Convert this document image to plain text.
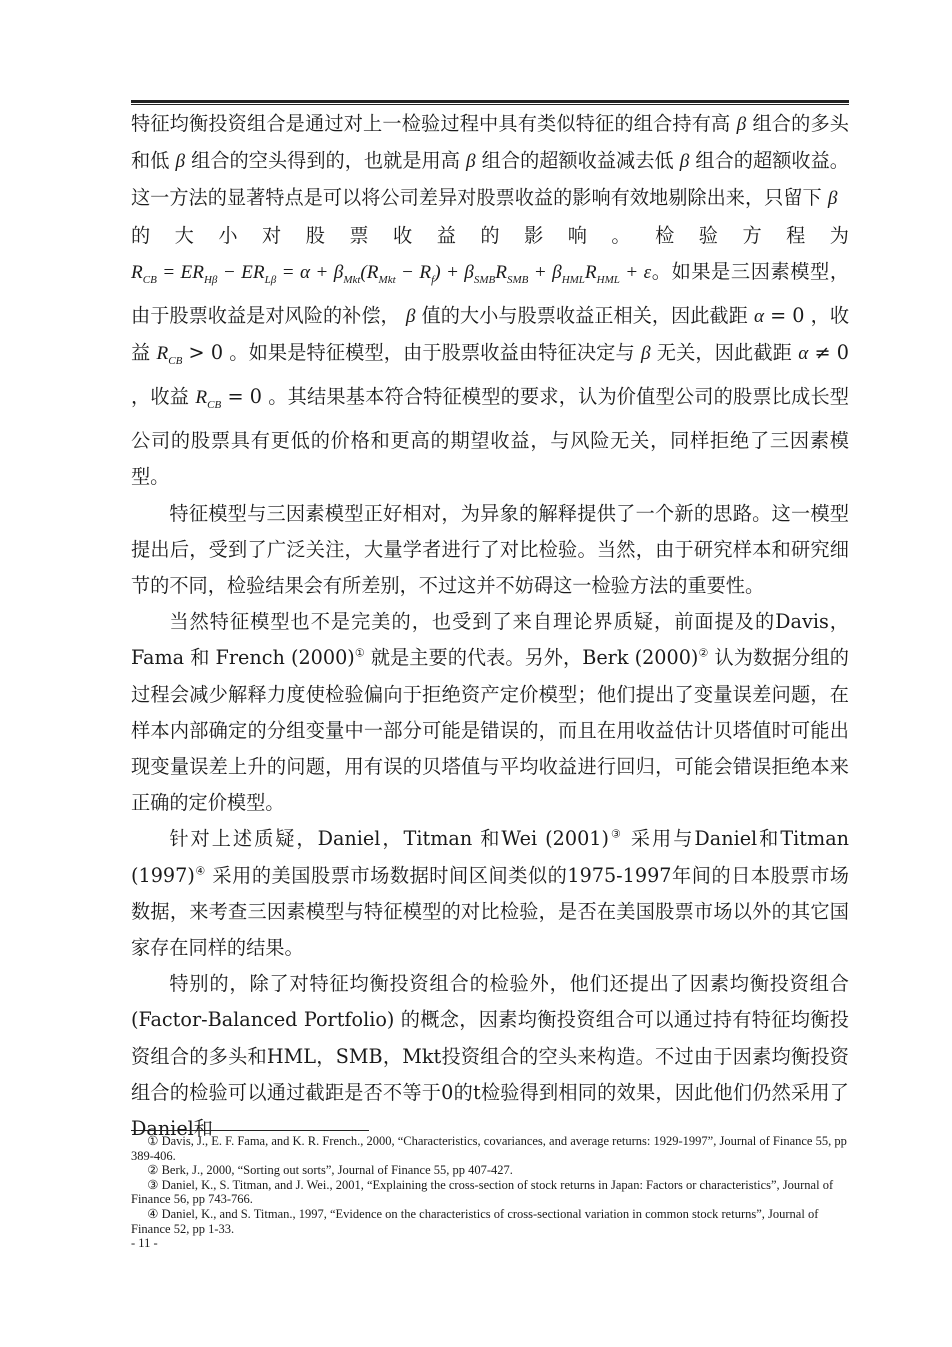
特征均衡投资组合是通过对上一检验过程中具有类似特征的组合持有高 β 组合的多头和低 β 组合的空头得到的，也就是用高 β 组合的超额收益减去低 β 组合的超额收益。这一方法的显著特点是可以将公司差异对股票收益的影响有效地剔除出来，只留下 β

的 大 小 对 股 票 收 益 的 影 响 。 检 验 方 程 为

$R_{CB} = ER_{H\beta} - ER_{L\beta} = \alpha + \beta_{Mkt}(R_{Mkt} - R_f) + \beta_{SMB}R_{SMB} + \beta_{HML}R_{HML} + \varepsilon$。如果是三因素模型，由于股票收益是对风险的补偿， β 值的大小与股票收益正相关，因此截距 α = 0 ，收益 $R_{CB} > 0$ 。如果是特征模型，由于股票收益由特征决定与 β 无关，因此截距 α ≠ 0 ，收益 $R_{CB} = 0$ 。其结果基本符合特征模型的要求，认为价值型公司的股票比成长型公司的股票具有更低的价格和更高的期望收益，与风险无关，同样拒绝了三因素模型。

特征模型与三因素模型正好相对，为异象的解释提供了一个新的思路。这一模型提出后，受到了广泛关注，大量学者进行了对比检验。当然，由于研究样本和研究细节的不同，检验结果会有所差别，不过这并不妨碍这一检验方法的重要性。

当然特征模型也不是完美的，也受到了来自理论界质疑，前面提及的Davis，Fama 和 French (2000)① 就是主要的代表。另外，Berk (2000)② 认为数据分组的过程会减少解释力度使检验偏向于拒绝资产定价模型；他们提出了变量误差问题，在样本内部确定的分组变量中一部分可能是错误的，而且在用收益估计贝塔值时可能出现变量误差上升的问题，用有误的贝塔值与平均收益进行回归，可能会错误拒绝本来正确的定价模型。

针对上述质疑，Daniel，Titman 和Wei (2001)③ 采用与Daniel和Titman (1997)④ 采用的美国股票市场数据时间区间类似的1975-1997年间的日本股票市场数据，来考查三因素模型与特征模型的对比检验，是否在美国股票市场以外的其它国家存在同样的结果。

特别的，除了对特征均衡投资组合的检验外，他们还提出了因素均衡投资组合(Factor-Balanced Portfolio) 的概念，因素均衡投资组合可以通过持有特征均衡投资组合的多头和HML，SMB，Mkt投资组合的空头来构造。不过由于因素均衡投资组合的检验可以通过截距是否不等于0的t检验得到相同的效果，因此他们仍然采用了Daniel和

① Davis, J., E. F. Fama, and K. R. French., 2000, “Characteristics, covariances, and average returns: 1929-1997”, Journal of Finance 55, pp 389-406.

② Berk, J., 2000, “Sorting out sorts”, Journal of Finance 55, pp 407-427.

③ Daniel, K., S. Titman, and J. Wei., 2001, “Explaining the cross-section of stock returns in Japan: Factors or characteristics”, Journal of Finance 56, pp 743-766.

④ Daniel, K., and S. Titman., 1997, “Evidence on the characteristics of cross-sectional variation in common stock returns”, Journal of Finance 52, pp 1-33.

- 11 -
